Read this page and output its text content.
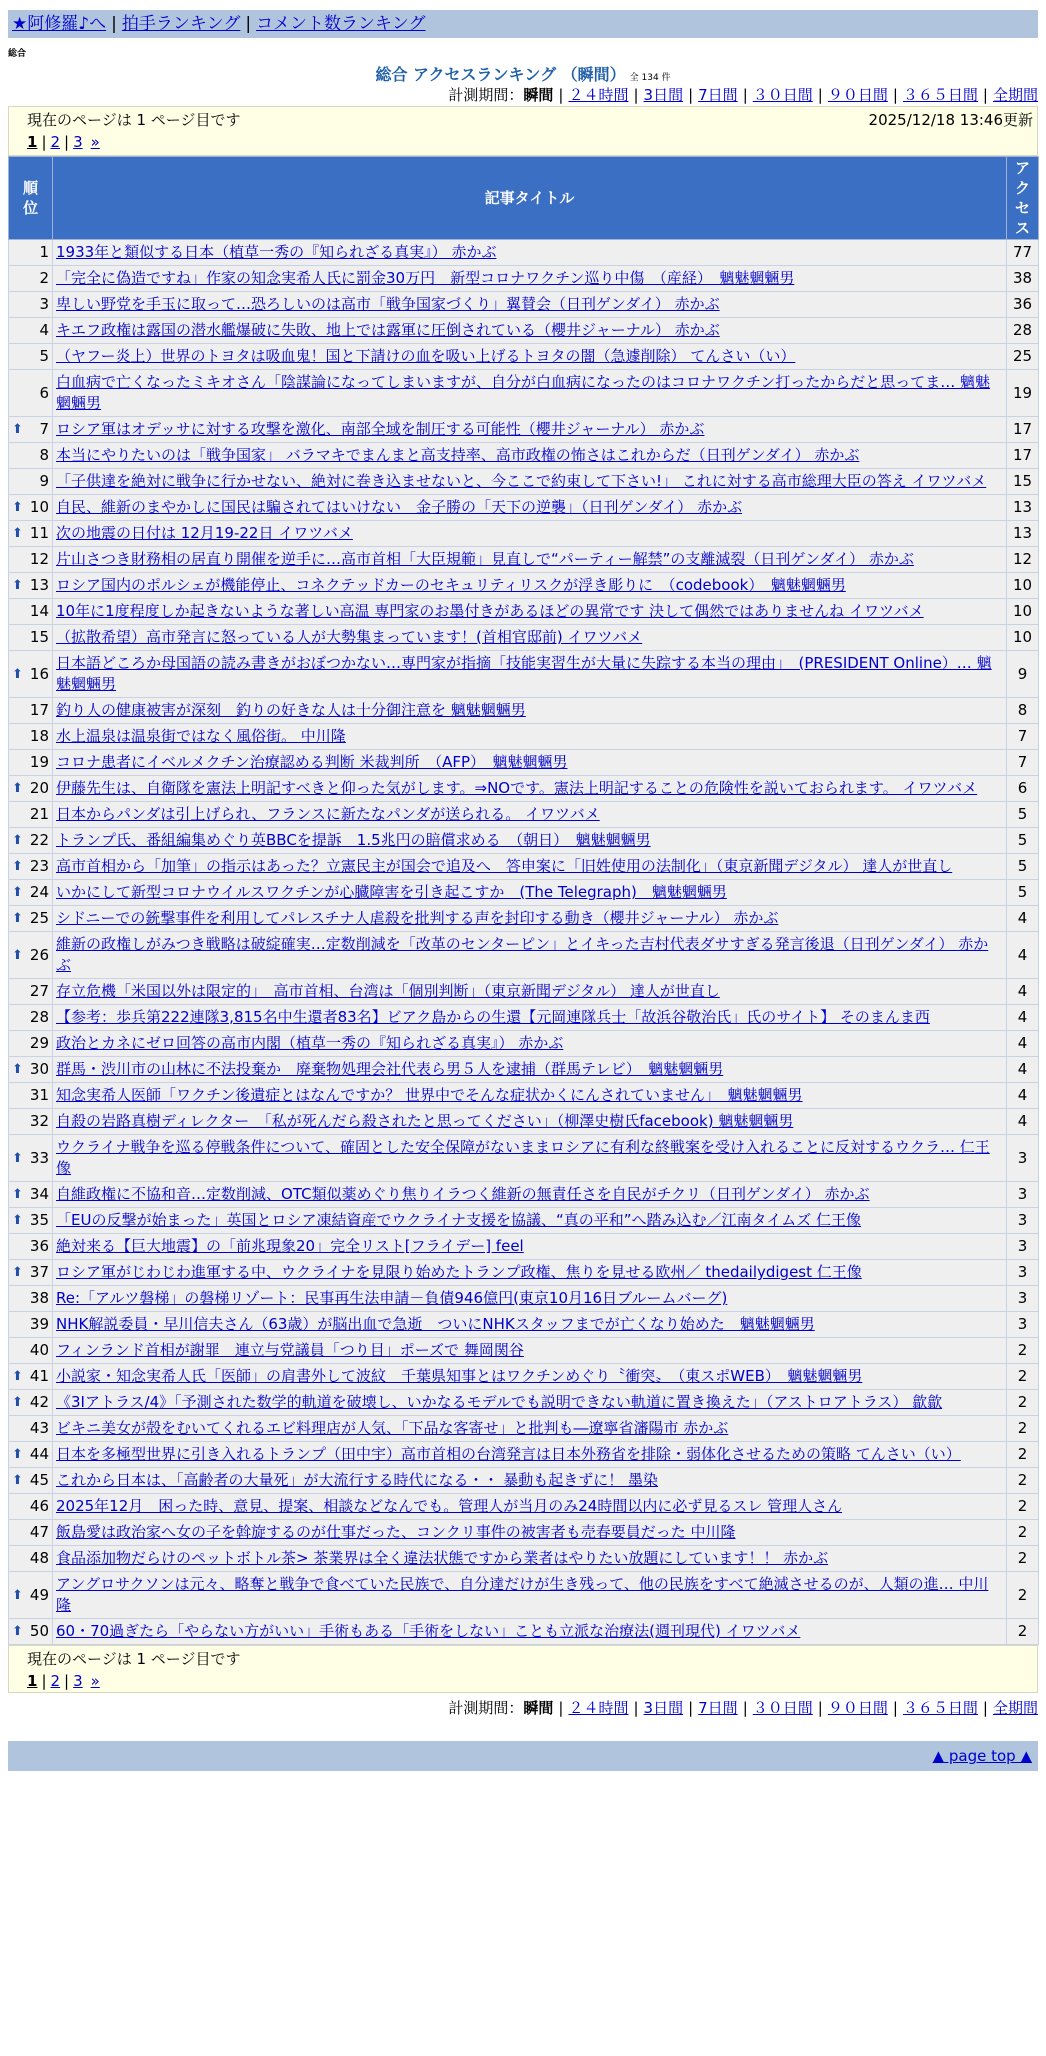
★阿修羅♪へ | 拍手ランキング | コメント数ランキング
総合
総合 アクセスランキング （瞬間） 全 134 件
計測期間：瞬間 | ２４時間 | 3日間 | 7日間 | ３０日間 | ９０日間 | ３６５日間 | 全期間
現在のページは 1 ページ目です	2025/12/18 13:46更新
1 | 2 | 3 »
順
位	記事タイトル	アク
セス
1	1933年と類似する日本（植草一秀の『知られざる真実』） 赤かぶ	77
2	「完全に偽造ですね」作家の知念実希人氏に罰金30万円　新型コロナワクチン巡り中傷　（産経）　魑魅魍魎男	38
3	卑しい野党を手玉に取って…恐ろしいのは高市「戦争国家づくり」翼賛会（日刊ゲンダイ） 赤かぶ	36
4	キエフ政権は露国の潜水艦爆破に失敗、地上では露軍に圧倒されている（櫻井ジャーナル） 赤かぶ	28
5	（ヤフー炎上）世界のトヨタは吸血鬼！国と下請けの血を吸い上げるトヨタの闇（急遽削除） てんさい（い）	25
6	白血病で亡くなったミキオさん「陰謀論になってしまいますが、自分が白血病になったのはコロナワクチン打ったからだと思ってま… 魑魅魍魎男	19

⬆ 7	ロシア軍はオデッサに対する攻撃を激化、南部全域を制圧する可能性（櫻井ジャーナル） 赤かぶ	17
8	本当にやりたいのは「戦争国家」 バラマキでまんまと高支持率、高市政権の怖さはこれからだ（日刊ゲンダイ） 赤かぶ	17
9	「子供達を絶対に戦争に行かせない、絶対に巻き込ませないと、今ここで約束して下さい!」 これに対する高市総理大臣の答え イワツバメ	15

⬆ 10	自民、維新のまやかしに国民は騙されてはいけない　金子勝の「天下の逆襲」（日刊ゲンダイ） 赤かぶ	13

⬆ 11	次の地震の日付は 12月19-22日 イワツバメ	13
12	片山さつき財務相の居直り開催を逆手に…高市首相「大臣規範」見直しで“パーティー解禁”の支離滅裂（日刊ゲンダイ） 赤かぶ	12

⬆ 13	ロシア国内のポルシェが機能停止、コネクテッドカーのセキュリティリスクが浮き彫りに　（codebook）　魑魅魍魎男	10
14	10年に1度程度しか起きないような著しい高温 専門家のお墨付きがあるほどの異常です 決して偶然ではありませんね イワツバメ	10
15	（拡散希望）高市発言に怒っている人が大勢集まっています！(首相官邸前) イワツバメ	10

⬆ 16	日本語どころか母国語の読み書きがおぼつかない…専門家が指摘「技能実習生が大量に失踪する本当の理由」　(PRESIDENT Online）… 魑魅魍魎男	9
17	釣り人の健康被害が深刻　釣りの好きな人は十分御注意を 魑魅魍魎男	8
18	水上温泉は温泉街ではなく風俗街。 中川隆	7
19	コロナ患者にイベルメクチン治療認める判断 米裁判所　（AFP）　魑魅魍魎男	7

⬆ 20	伊藤先生は、自衛隊を憲法上明記すべきと仰った気がします。⇒NOです。憲法上明記することの危険性を説いておられます。 イワツバメ	6
21	日本からパンダは引上げられ、フランスに新たなパンダが送られる。 イワツバメ	5

⬆ 22	トランプ氏、番組編集めぐり英BBCを提訴　1.5兆円の賠償求める　（朝日）　魑魅魍魎男	5

⬆ 23	高市首相から「加筆」の指示はあった？立憲民主が国会で追及へ　答申案に「旧姓使用の法制化」（東京新聞デジタル） 達人が世直し	5

⬆ 24	いかにして新型コロナウイルスワクチンが心臓障害を引き起こすか　(The Telegraph)　魑魅魍魎男	5

⬆ 25	シドニーでの銃撃事件を利用してパレスチナ人虐殺を批判する声を封印する動き（櫻井ジャーナル） 赤かぶ	4

⬆ 26	維新の政権しがみつき戦略は破綻確実…定数削減を「改革のセンターピン」とイキった吉村代表ダサすぎる発言後退（日刊ゲンダイ） 赤かぶ	4
27	存立危機「米国以外は限定的」　高市首相、台湾は「個別判断」（東京新聞デジタル） 達人が世直し	4
28	【参考：歩兵第222連隊3,815名中生還者83名】ビアク島からの生還【元岡連隊兵士「故浜谷敬治氏」氏のサイト】 そのまんま西	4
29	政治とカネにゼロ回答の高市内閣（植草一秀の『知られざる真実』） 赤かぶ	4

⬆ 30	群馬・渋川市の山林に不法投棄か　廃棄物処理会社代表ら男５人を逮捕（群馬テレビ）　魑魅魍魎男	4
31	知念実希人医師「ワクチン後遺症とはなんですか？ 世界中でそんな症状かくにんされていません」　魑魅魍魎男	4
32	自殺の岩路真樹ディレクター　「私が死んだら殺されたと思ってください」（柳澤史樹氏facebook) 魑魅魍魎男	4

⬆ 33	ウクライナ戦争を巡る停戦条件について、確固とした安全保障がないままロシアに有利な終戦案を受け入れることに反対するウクラ… 仁王像	3

⬆ 34	自維政権に不協和音…定数削減、OTC類似薬めぐり焦りイラつく維新の無責任さを自民がチクリ（日刊ゲンダイ） 赤かぶ	3

⬆ 35	「EUの反撃が始まった」英国とロシア凍結資産でウクライナ支援を協議、“真の平和”へ踏み込む／江南タイムズ 仁王像	3
36	絶対来る【巨大地震】の「前兆現象20」完全リスト[フライデー] feel	3

⬆ 37	ロシア軍がじわじわ進軍する中、ウクライナを見限り始めたトランプ政権、焦りを見せる欧州／ thedailydigest 仁王像	3
38	Re:「アルツ磐梯」の磐梯リゾート：民事再生法申請－負債946億円(東京10月16日ブルームバーグ)	3
39	NHK解説委員・早川信夫さん（63歳）が脳出血で急逝　ついにNHKスタッフまでが亡くなり始めた　魑魅魍魎男	3
40	フィンランド首相が謝罪　連立与党議員「つり目」ポーズで 舞岡関谷	2

⬆ 41	小説家・知念実希人氏「医師」の肩書外して波紋　千葉県知事とはワクチンめぐり〝衝突〟　（東スポWEB）　魑魅魍魎男	2

⬆ 42	《3Iアトラス/4》「予測された数学的軌道を破壊し、いかなるモデルでも説明できない軌道に置き換えた」（アストロアトラス） 歙歙	2
43	ビキニ美女が殻をむいてくれるエビ料理店が人気、「下品な客寄せ」と批判も―遼寧省瀋陽市 赤かぶ	2

⬆ 44	日本を多極型世界に引き入れるトランプ（田中宇）高市首相の台湾発言は日本外務省を排除・弱体化させるための策略 てんさい（い）	2

⬆ 45	これから日本は、「高齢者の大量死」が大流行する時代になる・・ 暴動も起きずに！ 墨染	2
46	2025年12月　困った時、意見、提案、相談などなんでも。管理人が当月のみ24時間以内に必ず見るスレ 管理人さん	2
47	飯島愛は政治家へ女の子を斡旋するのが仕事だった、コンクリ事件の被害者も売春要員だった 中川隆	2
48	食品添加物だらけのペットボトル茶> 茶業界は全く違法状態ですから業者はやりたい放題にしています！！ 赤かぶ	2

⬆ 49	アングロサクソンは元々、略奪と戦争で食べていた民族で、自分達だけが生き残って、他の民族をすべて絶滅させるのが、人類の進… 中川隆	2

⬆ 50	60・70過ぎたら「やらない方がいい」手術もある「手術をしない」ことも立派な治療法(週刊現代) イワツバメ	2
現在のページは 1 ページ目です
1 | 2 | 3 »
計測期間：瞬間 | ２４時間 | 3日間 | 7日間 | ３０日間 | ９０日間 | ３６５日間 | 全期間
▲ page top ▲
